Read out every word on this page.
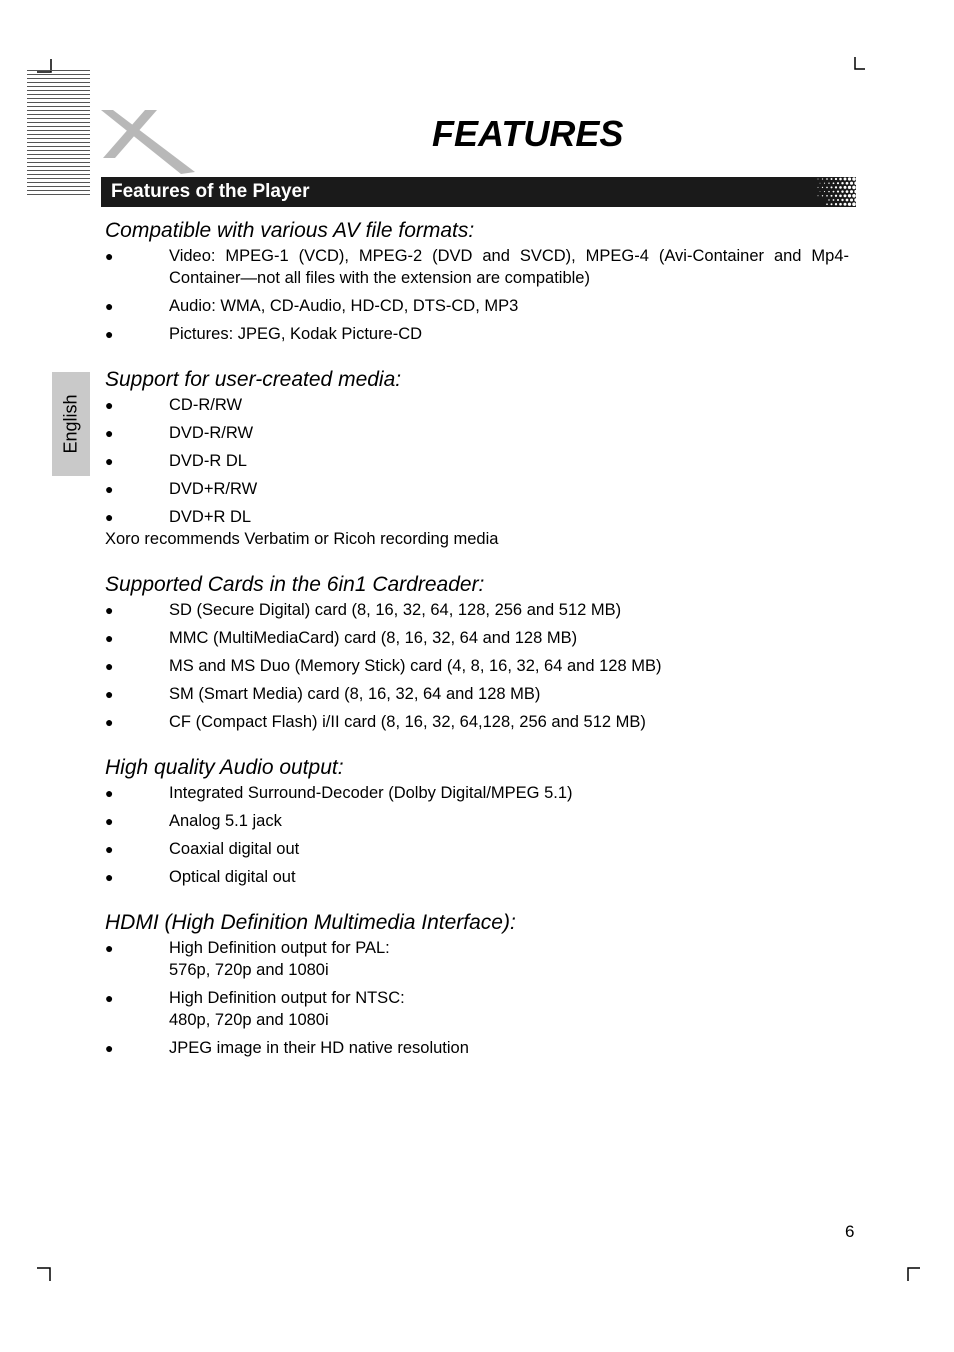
FEATURES
Features of the Player
English
Compatible with various AV file formats:
●	Video: MPEG-1 (VCD), MPEG-2 (DVD and SVCD), MPEG-4 (Avi-Container and Mp4-Container—not all files with the extension are compatible)
●	Audio: WMA, CD-Audio, HD-CD, DTS-CD, MP3
●	Pictures: JPEG, Kodak Picture-CD
Support for user-created media:
●	CD-R/RW
●	DVD-R/RW
●	DVD-R DL
●	DVD+R/RW
●	DVD+R DL
Xoro recommends Verbatim or Ricoh recording media
Supported Cards in the 6in1 Cardreader:
●	SD (Secure Digital) card (8, 16, 32, 64, 128, 256 and 512 MB)
●	MMC (MultiMediaCard) card (8, 16, 32, 64 and 128 MB)
●	MS and MS Duo (Memory Stick) card (4, 8, 16, 32, 64 and 128 MB)
●	SM (Smart Media) card (8, 16, 32, 64 and 128 MB)
●	CF (Compact Flash) i/II card (8, 16, 32, 64,128, 256 and 512 MB)
High quality Audio output:
●	Integrated Surround-Decoder (Dolby Digital/MPEG 5.1)
●	Analog 5.1 jack
●	Coaxial digital out
●	Optical digital out
HDMI (High Definition Multimedia Interface):
●	High Definition output for PAL:
576p, 720p and 1080i
●	High Definition output for NTSC:
480p, 720p and 1080i
●	JPEG image in their HD native resolution
6
